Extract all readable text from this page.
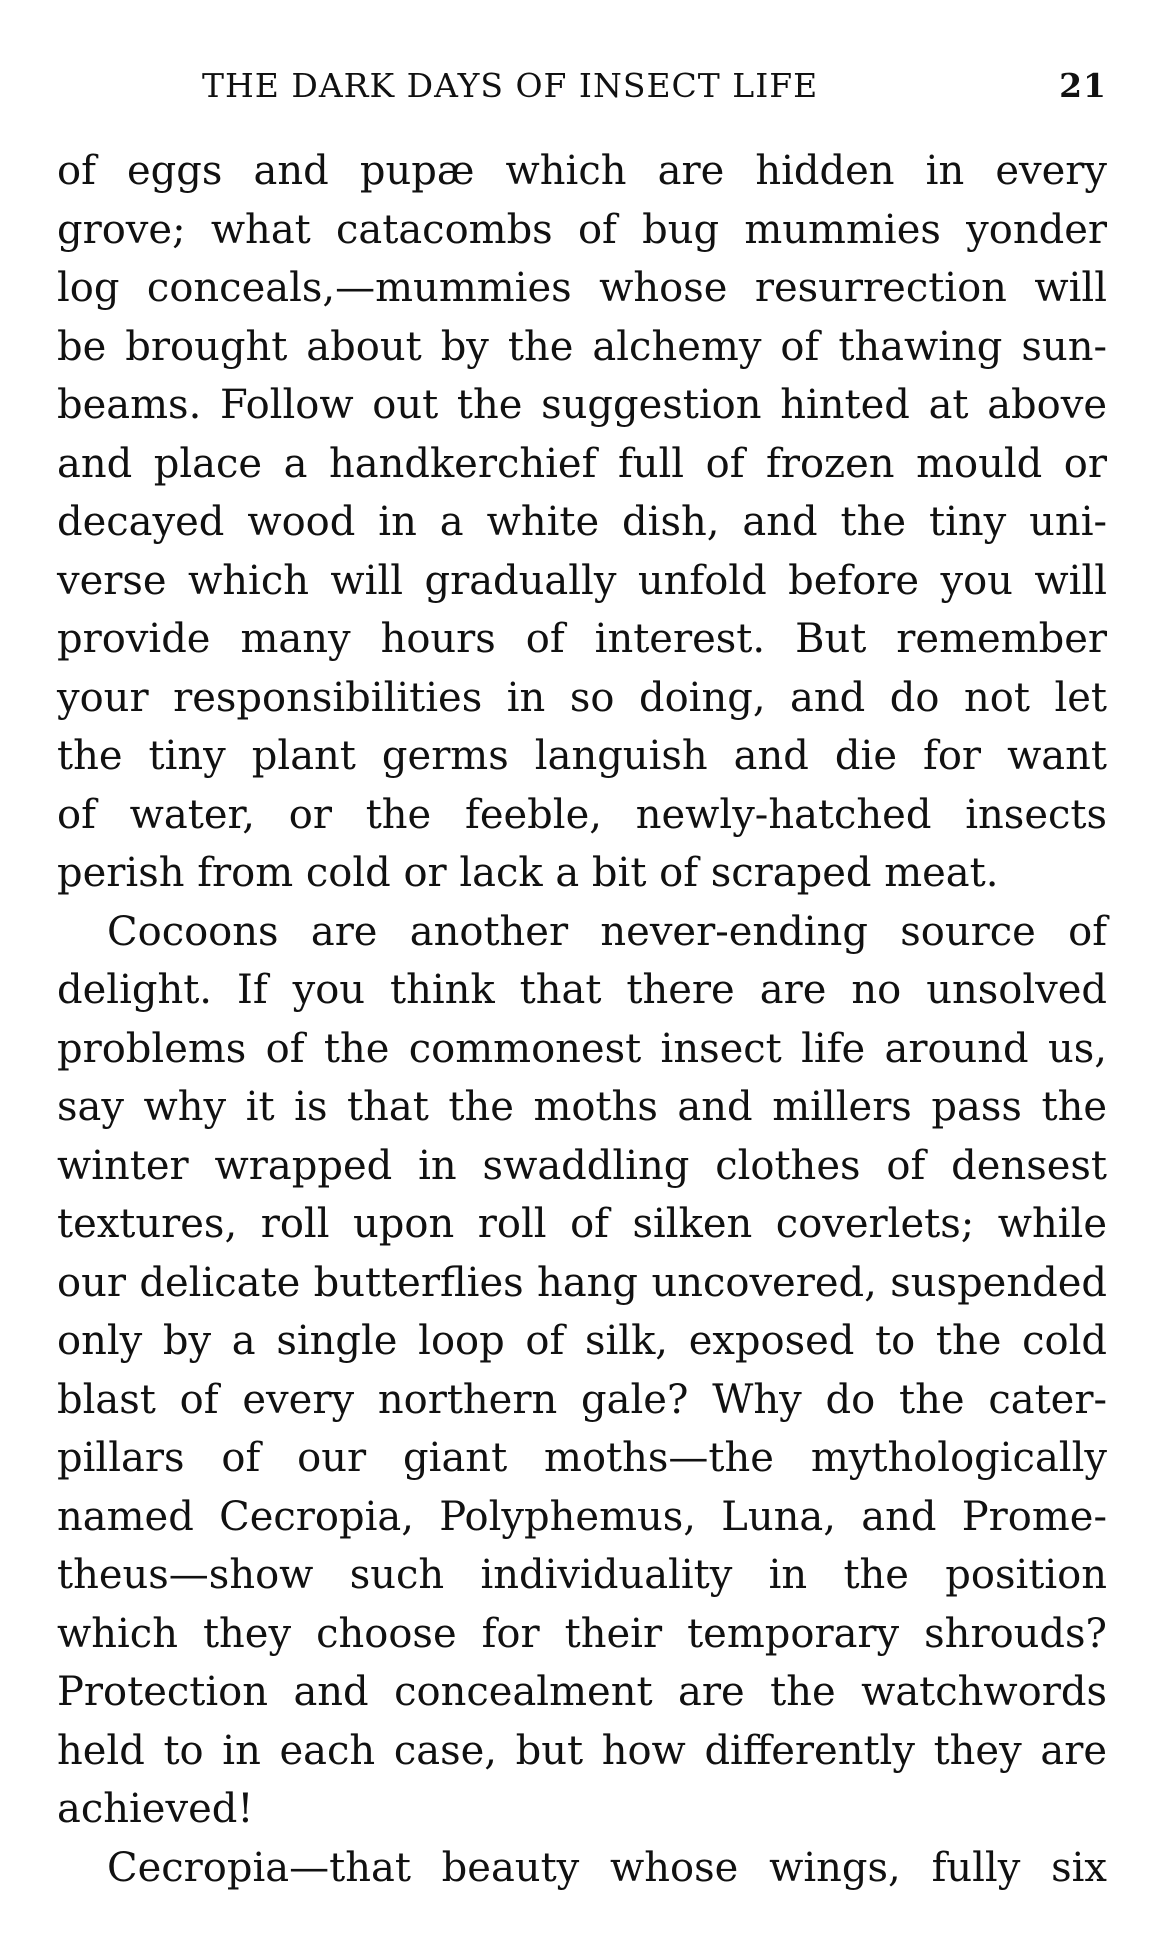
THE DARK DAYS OF INSECT LIFE	21
of eggs and pupæ which are hidden in every
grove; what catacombs of bug mummies yonder
log conceals,—mummies whose resurrection will
be brought about by the alchemy of thawing sun-
beams. Follow out the suggestion hinted at above
and place a handkerchief full of frozen mould or
decayed wood in a white dish, and the tiny uni-
verse which will gradually unfold before you will
provide many hours of interest. But remember
your responsibilities in so doing, and do not let
the tiny plant germs languish and die for want
of water, or the feeble, newly-hatched insects
perish from cold or lack a bit of scraped meat.
Cocoons are another never-ending source of
delight. If you think that there are no unsolved
problems of the commonest insect life around us,
say why it is that the moths and millers pass the
winter wrapped in swaddling clothes of densest
textures, roll upon roll of silken coverlets; while
our delicate butterflies hang uncovered, suspended
only by a single loop of silk, exposed to the cold
blast of every northern gale? Why do the cater-
pillars of our giant moths—the mythologically
named Cecropia, Polyphemus, Luna, and Prome-
theus—show such individuality in the position
which they choose for their temporary shrouds?
Protection and concealment are the watchwords
held to in each case, but how differently they are
achieved!
Cecropia—that beauty whose wings, fully six
